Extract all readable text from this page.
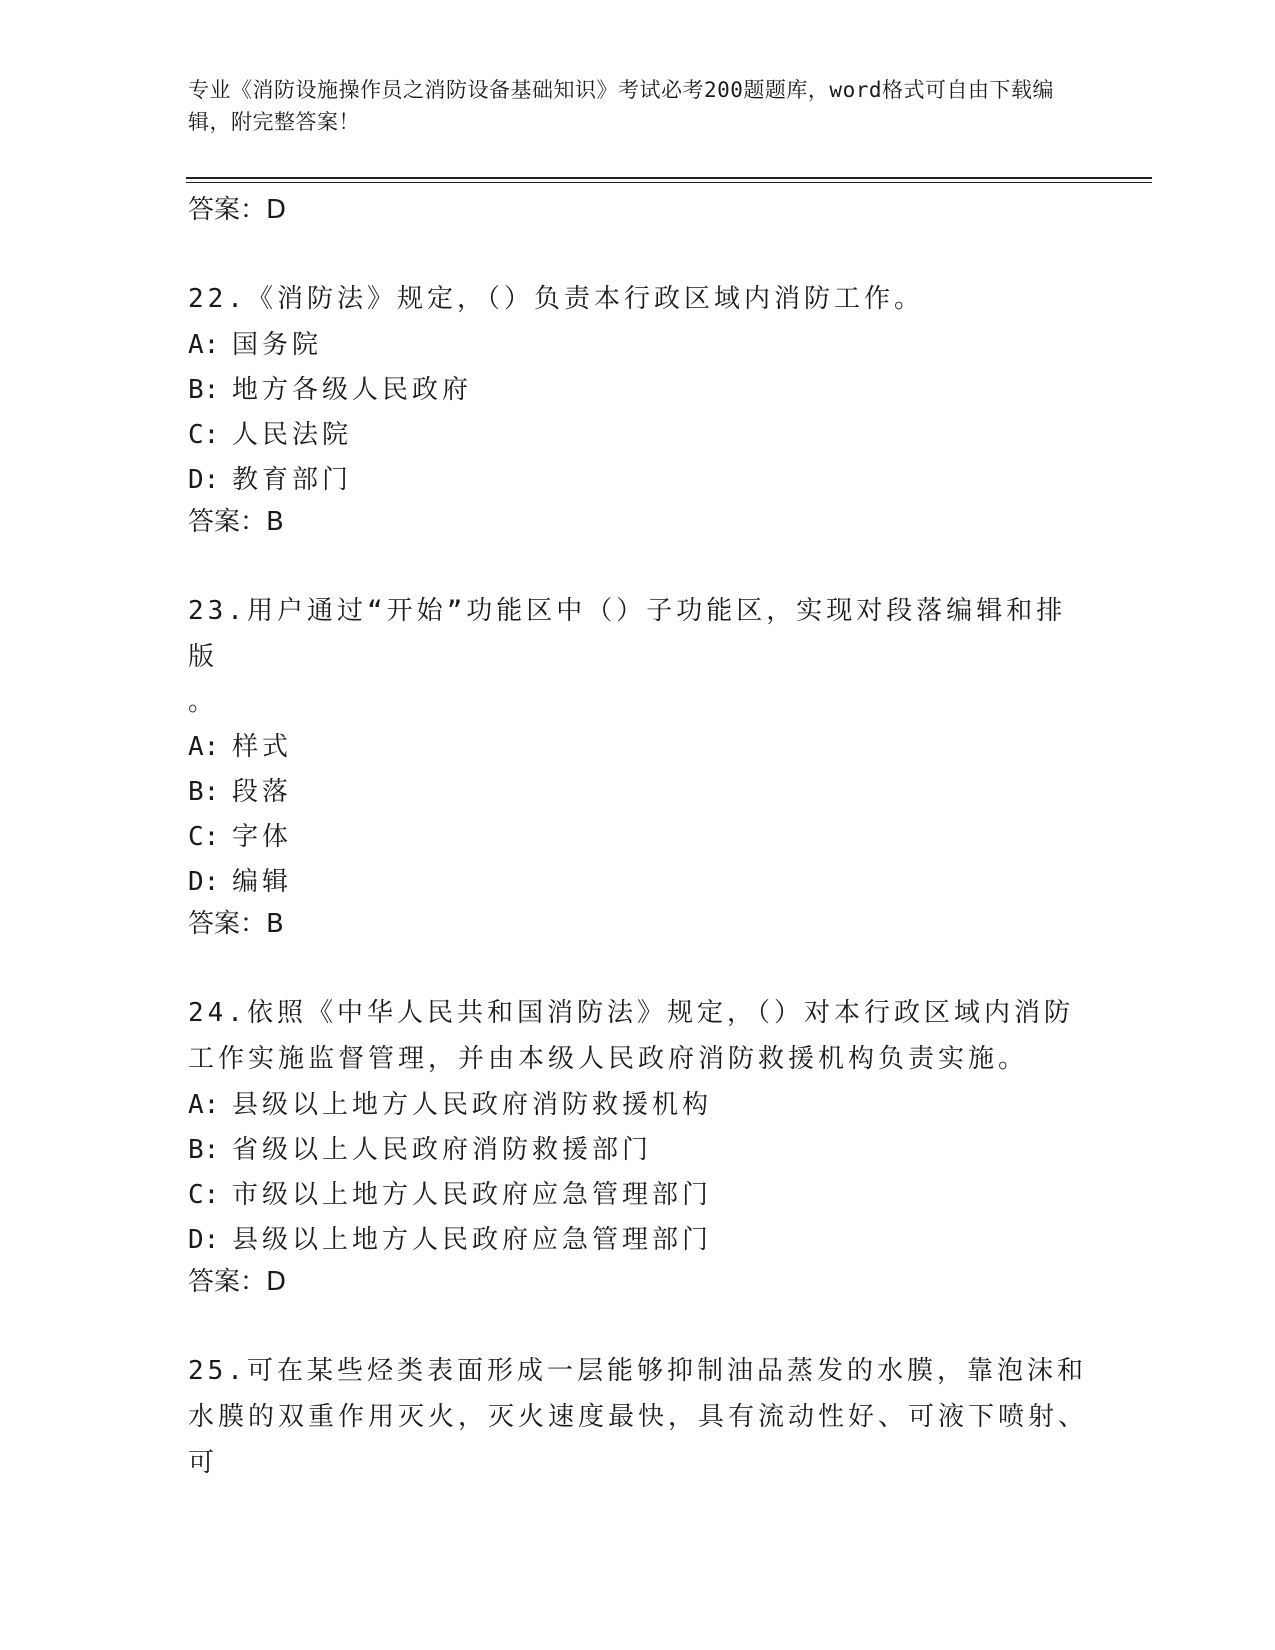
专业《消防设施操作员之消防设备基础知识》考试必考200题题库，word格式可自由下载编辑，附完整答案！
答案：D
22.《消防法》规定，（）负责本行政区域内消防工作。
A: 国务院
B: 地方各级人民政府
C: 人民法院
D: 教育部门
答案：B
23.用户通过“开始”功能区中（）子功能区，实现对段落编辑和排版
。
A: 样式
B: 段落
C: 字体
D: 编辑
答案：B
24.依照《中华人民共和国消防法》规定，（）对本行政区域内消防工作实施监督管理，并由本级人民政府消防救援机构负责实施。
A: 县级以上地方人民政府消防救援机构
B: 省级以上人民政府消防救援部门
C: 市级以上地方人民政府应急管理部门
D: 县级以上地方人民政府应急管理部门
答案：D
25.可在某些烃类表面形成一层能够抑制油品蒸发的水膜，靠泡沫和水膜的双重作用灭火，灭火速度最快，具有流动性好、可液下喷射、可
